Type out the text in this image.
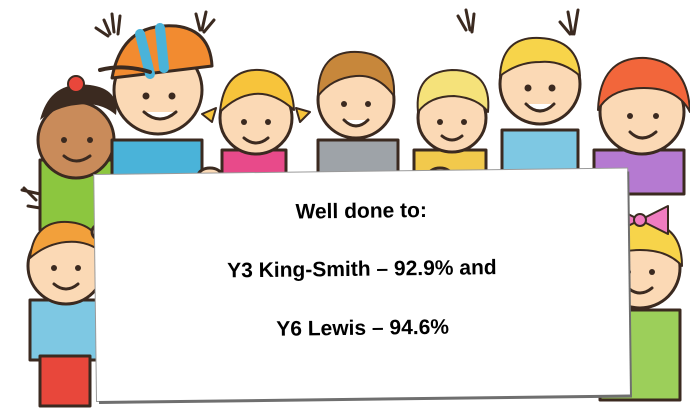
Well done to:

Y3 King-Smith – 92.9% and

Y6 Lewis – 94.6%
